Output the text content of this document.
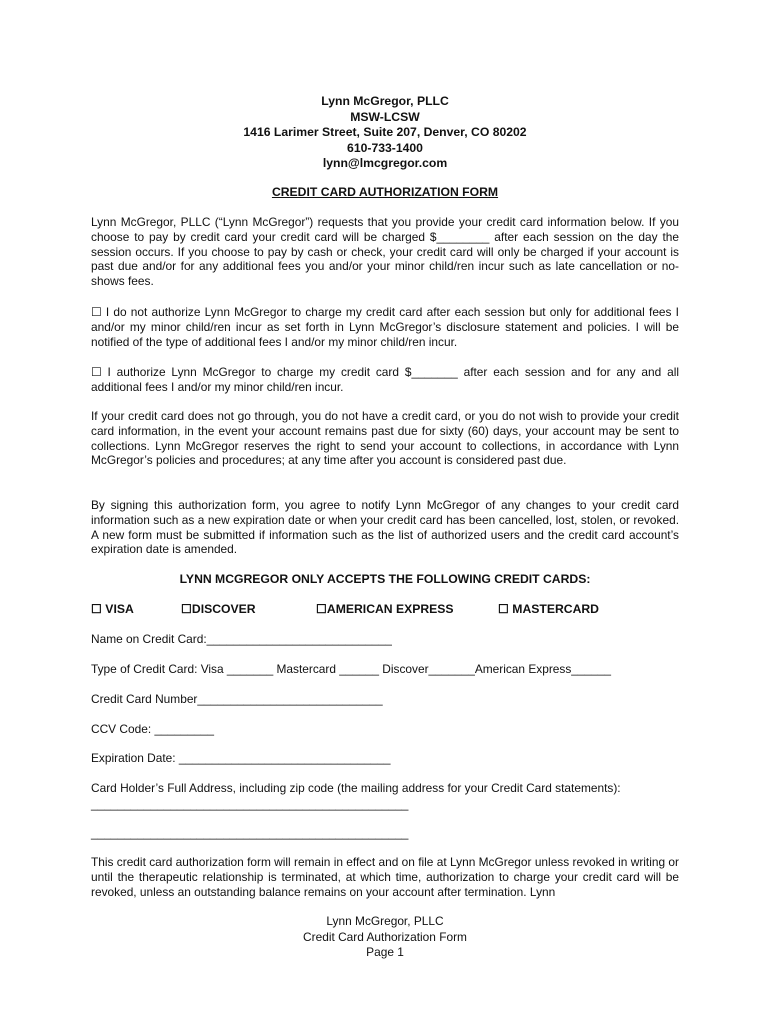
Lynn McGregor, PLLC
MSW-LCSW
1416 Larimer Street, Suite 207, Denver, CO 80202
610-733-1400
lynn@lmcgregor.com
CREDIT CARD AUTHORIZATION FORM

Lynn McGregor, PLLC (“Lynn McGregor”) requests that you provide your credit card information below. If you choose to pay by credit card your credit card will be charged $________ after each session on the day the session occurs. If you choose to pay by cash or check, your credit card will only be charged if your account is past due and/or for any additional fees you and/or your minor child/ren incur such as late cancellation or no-shows fees.

☐ I do not authorize Lynn McGregor to charge my credit card after each session but only for additional fees I and/or my minor child/ren incur as set forth in Lynn McGregor’s disclosure statement and policies. I will be notified of the type of additional fees I and/or my minor child/ren incur.

☐ I authorize Lynn McGregor to charge my credit card $_______ after each session and for any and all additional fees I and/or my minor child/ren incur.

If your credit card does not go through, you do not have a credit card, or you do not wish to provide your credit card information, in the event your account remains past due for sixty (60) days, your account may be sent to collections. Lynn McGregor reserves the right to send your account to collections, in accordance with Lynn McGregor’s policies and procedures; at any time after you account is considered past due.

By signing this authorization form, you agree to notify Lynn McGregor of any changes to your credit card information such as a new expiration date or when your credit card has been cancelled, lost, stolen, or revoked. A new form must be submitted if information such as the list of authorized users and the credit card account’s expiration date is amended.

LYNN MCGREGOR ONLY ACCEPTS THE FOLLOWING CREDIT CARDS:
☐ VISA	☐DISCOVER	☐AMERICAN EXPRESS	☐ MASTERCARD
Name on Credit Card:____________________________
Type of Credit Card: Visa _______ Mastercard ______ Discover_______American Express______
Credit Card Number____________________________
CCV Code: _________
Expiration Date: ________________________________
Card Holder’s Full Address, including zip code (the mailing address for your Credit Card statements):
________________________________________________
________________________________________________

This credit card authorization form will remain in effect and on file at Lynn McGregor unless revoked in writing or until the therapeutic relationship is terminated, at which time, authorization to charge your credit card will be revoked, unless an outstanding balance remains on your account after termination. Lynn

Lynn McGregor, PLLC
Credit Card Authorization Form
Page 1
